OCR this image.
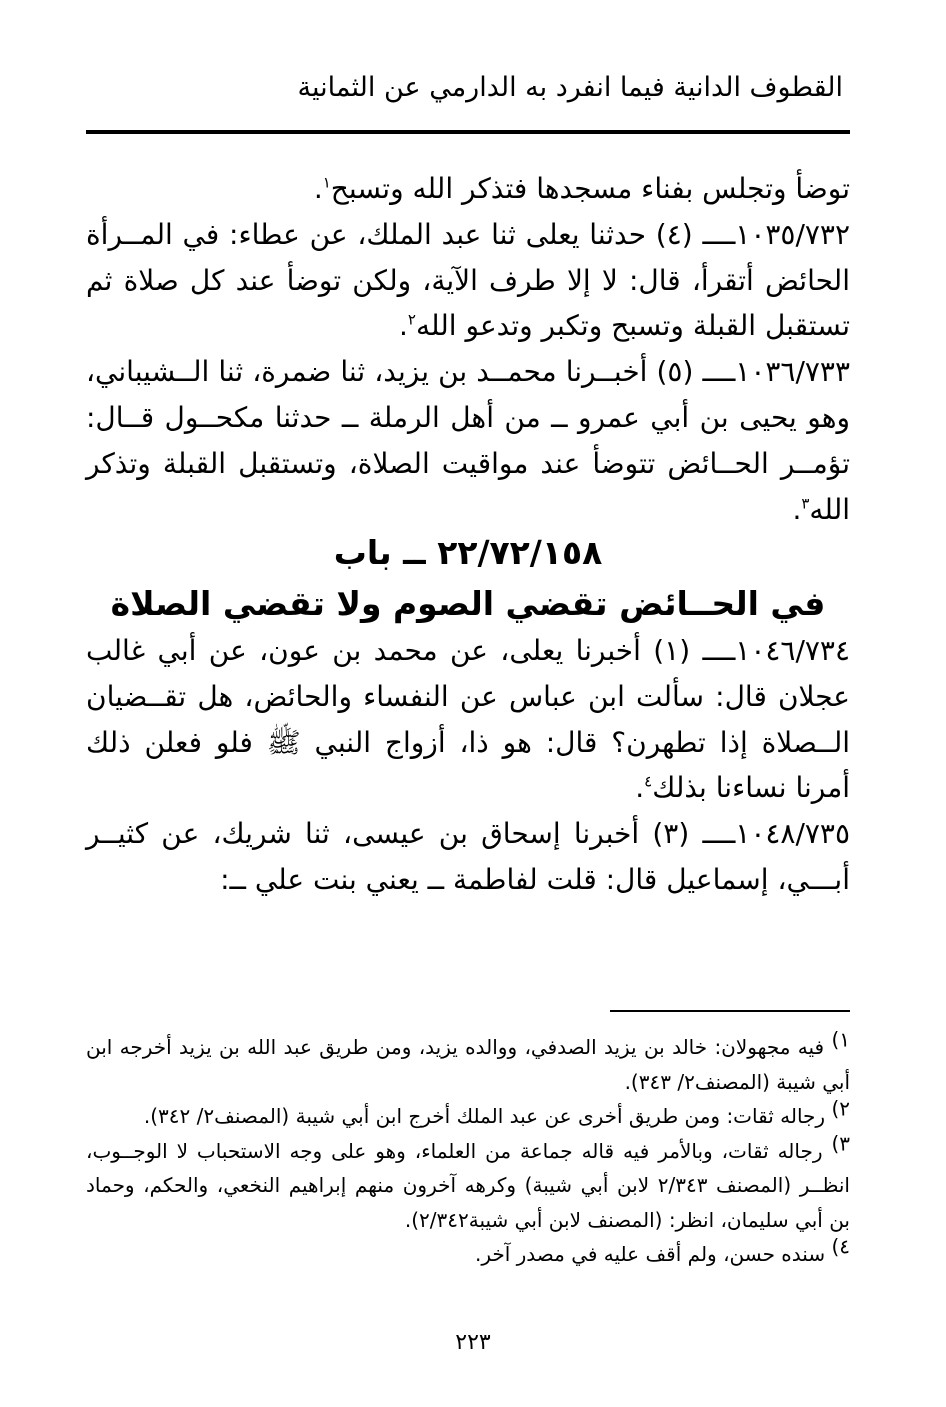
القطوف الدانية فيما انفرد به الدارمي عن الثمانية

توضأ وتجلس بفناء مسجدها فتذكر الله وتسبح$^١$.

١٠٣٥/٧٣٢ــــ (٤) حدثنا يعلى ثنا عبد الملك، عن عطاء: في المــرأة الحائض أتقرأ، قال: لا إلا طرف الآية، ولكن توضأ عند كل صلاة ثم تستقبل القبلة وتسبح وتكبر وتدعو الله$^٢$.

١٠٣٦/٧٣٣ــــ (٥) أخبــرنا محمــد بن يزيد، ثنا ضمرة، ثنا الــشيباني، وهو يحيى بن أبي عمرو ــ من أهل الرملة ــ حدثنا مكحــول قــال: تؤمــر الحــائض تتوضأ عند مواقيت الصلاة، وتستقبل القبلة وتذكر الله$^٣$.

٢٢/٧٢/١٥٨ ــ باب
في الحــائض تقضي الصوم ولا تقضي الصلاة

١٠٤٦/٧٣٤ــــ (١) أخبرنا يعلى، عن محمد بن عون، عن أبي غالب عجلان قال: سألت ابن عباس عن النفساء والحائض، هل تقــضيان الــصلاة إذا تطهرن؟ قال: هو ذا، أزواج النبي ﷺ فلو فعلن ذلك أمرنا نساءنا بذلك$^٤$.

١٠٤٨/٧٣٥ــــ (٣) أخبرنا إسحاق بن عيسى، ثنا شريك، عن كثيــر أبـــي، إسماعيل قال: قلت لفاطمة ــ يعني بنت علي ــ:

$^{١)}$ فيه مجهولان: خالد بن يزيد الصدفي، ووالده يزيد، ومن طريق عبد الله بن يزيد أخرجه ابن أبي شيبة (المصنف٢/ ٣٤٣).

$^{٢)}$ رجاله ثقات: ومن طريق أخرى عن عبد الملك أخرج ابن أبي شيبة (المصنف٢/ ٣٤٢).

$^{٣)}$ رجاله ثقات، وبالأمر فيه قاله جماعة من العلماء، وهو على وجه الاستحباب لا الوجــوب، انظــر (المصنف ٢/٣٤٣ لابن أبي شيبة) وكرهه آخرون منهم إبراهيم النخعي، والحكم، وحماد بن أبي سليمان، انظر: (المصنف لابن أبي شيبة٢/٣٤٢).

$^{٤)}$ سنده حسن، ولم أقف عليه في مصدر آخر.

٢٢٣
